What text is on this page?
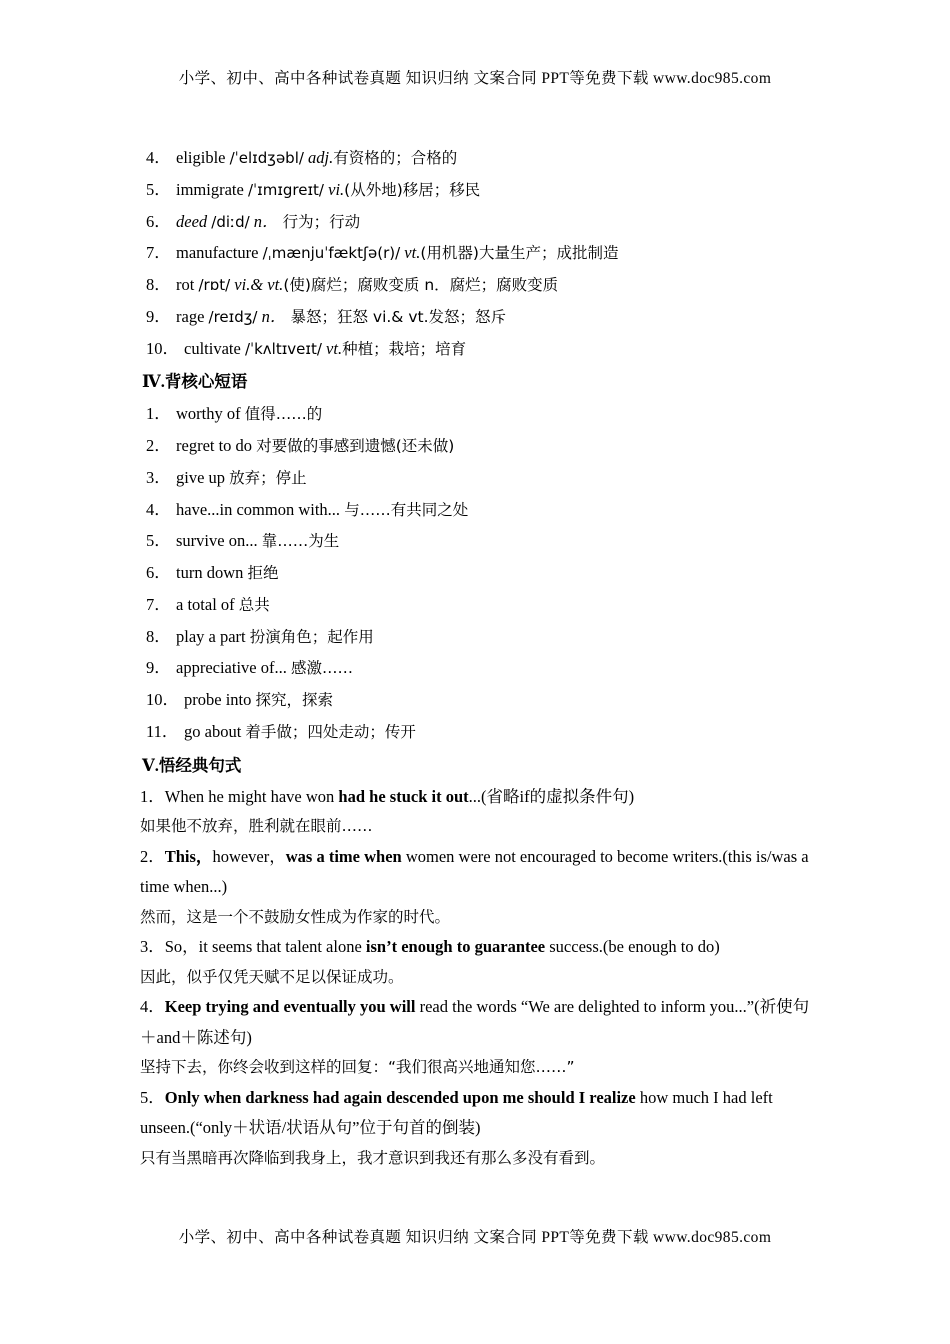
小学、初中、高中各种试卷真题 知识归纳 文案合同 PPT等免费下载 www.doc985.com

4． eligible /ˈelɪdʒəbl/ adj.有资格的；合格的

5． immigrate /ˈɪmɪgreɪt/ vi.(从外地)移居；移民

6． deed /diːd/ n． 行为；行动

7． manufacture /ˌmænjuˈfæktʃə(r)/ vt.(用机器)大量生产；成批制造

8． rot /rɒt/ vi.& vt.(使)腐烂；腐败变质 n．腐烂；腐败变质

9． rage /reɪdʒ/ n． 暴怒；狂怒 vi.& vt.发怒；怒斥

10． cultivate /ˈkʌltɪveɪt/ vt.种植；栽培；培育

Ⅳ.背核心短语

1． worthy of 值得……的

2． regret to do 对要做的事感到遗憾(还未做)

3． give up 放弃；停止

4． have...in common with... 与……有共同之处

5． survive on... 靠……为生

6． turn down 拒绝

7． a total of 总共

8． play a part 扮演角色；起作用

9． appreciative of... 感激……

10． probe into 探究，探索

11． go about 着手做；四处走动；传开

Ⅴ.悟经典句式

1．When he might have won had he stuck it out...(省略if的虚拟条件句)

如果他不放弃，胜利就在眼前……

2．This，however，was a time when women were not encouraged to become writers.(this is/was a time when...)

然而，这是一个不鼓励女性成为作家的时代。

3．So，it seems that talent alone isn’t enough to guarantee success.(be enough to do)

因此，似乎仅凭天赋不足以保证成功。

4．Keep trying and eventually you will read the words “We are delighted to inform you...”(祈使句＋and＋陈述句)

坚持下去，你终会收到这样的回复：“我们很高兴地通知您……”

5．Only when darkness had again descended upon me should I realize how much I had left unseen.(“only＋状语/状语从句”位于句首的倒装)

只有当黑暗再次降临到我身上，我才意识到我还有那么多没有看到。

小学、初中、高中各种试卷真题 知识归纳 文案合同 PPT等免费下载 www.doc985.com
